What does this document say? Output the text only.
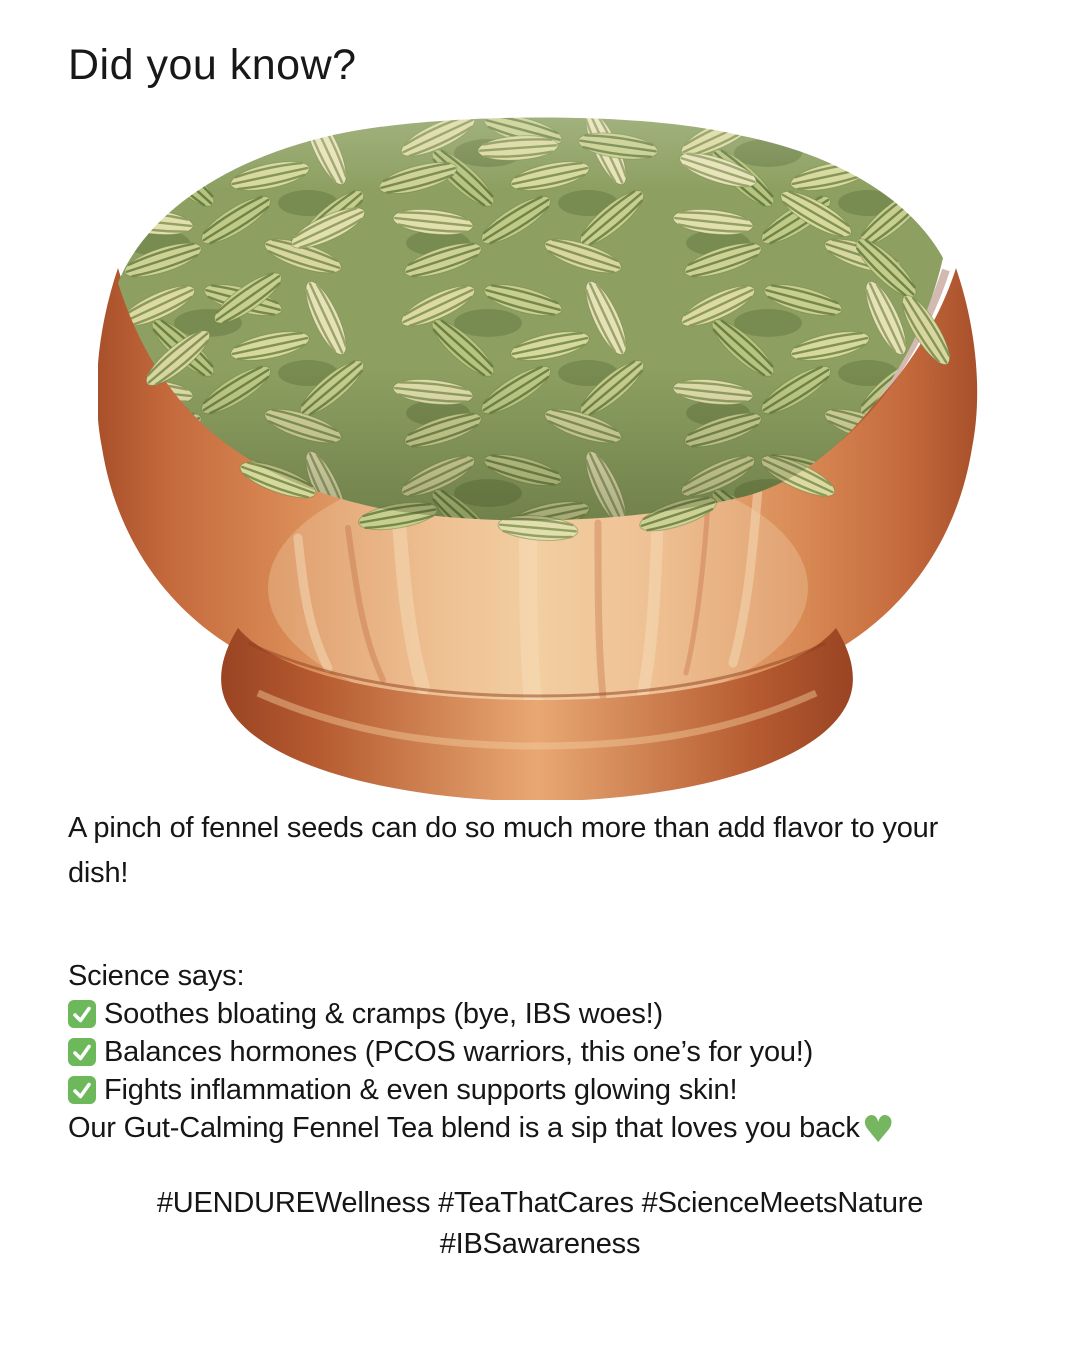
Did you know?
A pinch of fennel seeds can do so much more than add flavor to your
dish!
Science says:
Soothes bloating & cramps (bye, IBS woes!)
Balances hormones (PCOS warriors, this one’s for you!)
Fights inflammation & even supports glowing skin!
Our Gut-Calming Fennel Tea blend is a sip that loves you back ♥
#UENDUREWellness #TeaThatCares #ScienceMeetsNature
#IBSawareness
